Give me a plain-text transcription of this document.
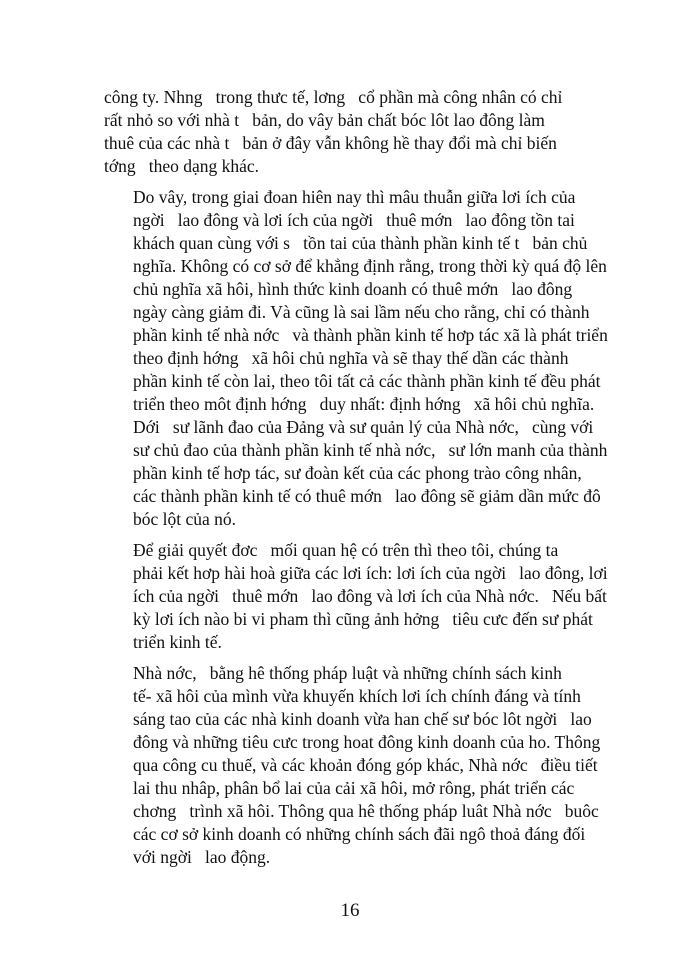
công ty. Nhng   trong thưc tế, lơng   cổ phần mà công nhân có chỉ
rất nhỏ so với nhà t   bản, do vây bản chất bóc lôt lao đông làm
thuê của các nhà t   bản ở đây vẫn không hề thay đổi mà chỉ biến
tớng   theo dạng khác.

Do vây, trong giai đoan hiên nay thì mâu thuẫn giữa lơi ích của
ngời   lao đông và lơi ích của ngời   thuê mớn   lao đông tồn tai
khách quan cùng với s   tồn tai của thành phần kinh tế t   bản chủ
nghĩa. Không có cơ sở để khẳng định rằng, trong thời kỳ quá độ lên
chủ nghĩa xã hôi, hình thức kinh doanh có thuê mớn   lao đông
ngày càng giảm đi. Và cũng là sai lầm nếu cho rằng, chỉ có thành
phần kinh tế nhà nớc   và thành phần kinh tế hơp tác xã là phát triển
theo định hớng   xã hôi chủ nghĩa và sẽ thay thế dần các thành
phần kinh tế còn lai, theo tôi tất cả các thành phần kinh tế đều phát
triển theo môt định hớng   duy nhất: định hớng   xã hôi chủ nghĩa.
Dới   sư lãnh đao của Đảng và sư quản lý của Nhà nớc,   cùng với
sư chủ đao của thành phần kinh tế nhà nớc,   sư lớn manh của thành
phần kinh tế hơp tác, sư đoàn kết của các phong trào công nhân,
các thành phần kinh tế có thuê mớn   lao đông sẽ giảm dần mức đô
bóc lột của nó.

Để giải quyết đơc   mối quan hệ có trên thì theo tôi, chúng ta
phải kết hơp hài hoà giữa các lơi ích: lơi ích của ngời   lao đông, lơi
ích của ngời   thuê mớn   lao đông và lơi ích của Nhà nớc.   Nếu bất
kỳ lơi ích nào bi vi pham thì cũng ảnh hởng   tiêu cưc đến sư phát
triển kinh tế.

Nhà nớc,   bằng hê thống pháp luật và những chính sách kinh
tế- xã hôi của mình vừa khuyến khích lơi ích chính đáng và tính
sáng tao của các nhà kinh doanh vừa han chế sư bóc lôt ngời   lao
đông và những tiêu cưc trong hoat đông kinh doanh của ho. Thông
qua công cu thuế, và các khoản đóng góp khác, Nhà nớc   điều tiết
lai thu nhâp, phân bổ lai của cải xã hôi, mở rông, phát triển các
chơng   trình xã hôi. Thông qua hê thống pháp luât Nhà nớc   buôc
các cơ sở kinh doanh có những chính sách đãi ngô thoả đáng đối
với ngời   lao động.

16
